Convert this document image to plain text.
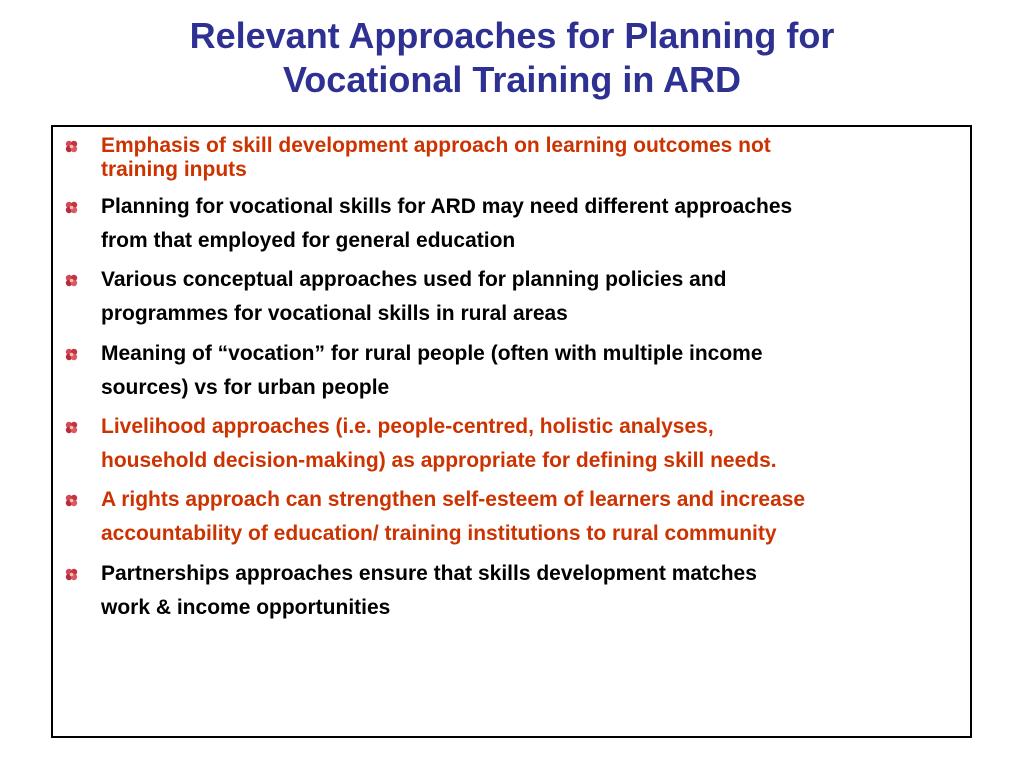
Relevant Approaches for Planning for
Vocational Training in ARD
Emphasis of skill development approach on learning outcomes not
training inputs
Planning for vocational skills for ARD may need different approaches
from that employed for general education
Various conceptual approaches used for planning policies and
programmes for vocational skills in rural areas
Meaning of “vocation” for rural people (often with multiple income
sources) vs for urban people
Livelihood approaches (i.e. people-centred, holistic analyses,
household decision-making) as appropriate for defining skill needs.
A rights approach can strengthen self-esteem of learners and increase
accountability of education/ training institutions to rural community
Partnerships approaches ensure that skills development matches
work & income opportunities
